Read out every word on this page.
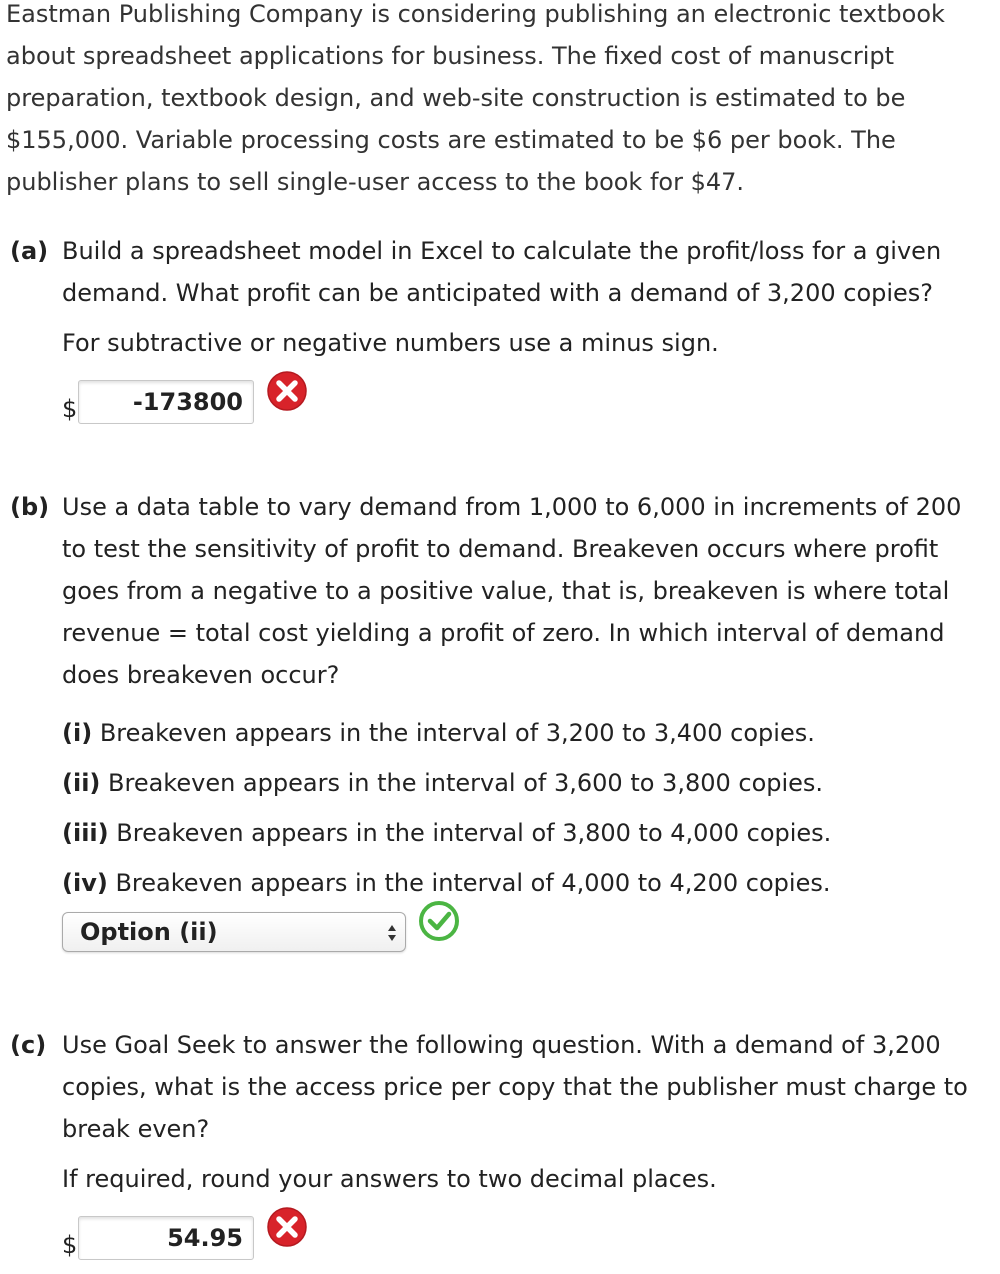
Eastman Publishing Company is considering publishing an electronic textbook

about spreadsheet applications for business. The fixed cost of manuscript

preparation, textbook design, and web-site construction is estimated to be

$155,000. Variable processing costs are estimated to be $6 per book. The

publisher plans to sell single-user access to the book for $47.

(a) Build a spreadsheet model in Excel to calculate the profit/loss for a given

demand. What profit can be anticipated with a demand of 3,200 copies?

For subtractive or negative numbers use a minus sign.

$
-173800
(b) Use a data table to vary demand from 1,000 to 6,000 in increments of 200

to test the sensitivity of profit to demand. Breakeven occurs where profit

goes from a negative to a positive value, that is, breakeven is where total

revenue = total cost yielding a profit of zero. In which interval of demand

does breakeven occur?

(i) Breakeven appears in the interval of 3,200 to 3,400 copies.

(ii) Breakeven appears in the interval of 3,600 to 3,800 copies.

(iii) Breakeven appears in the interval of 3,800 to 4,000 copies.

(iv) Breakeven appears in the interval of 4,000 to 4,200 copies.

Option (ii)
(c) Use Goal Seek to answer the following question. With a demand of 3,200

copies, what is the access price per copy that the publisher must charge to

break even?

If required, round your answers to two decimal places.

$
54.95
